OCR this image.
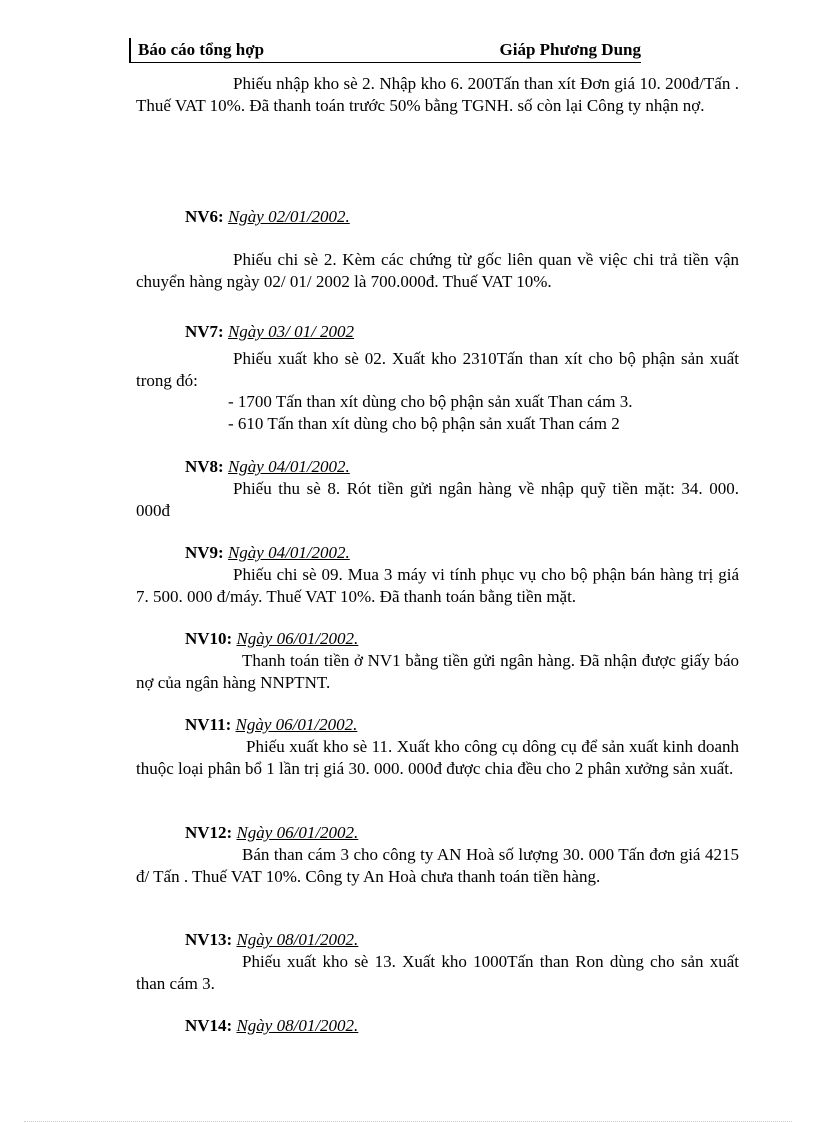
Báo cáo tổng hợp	Giáp Phương Dung
Phiếu nhập kho sè 2. Nhập kho 6. 200Tấn than xít Đơn giá 10. 200đ/Tấn . Thuế VAT 10%. Đã thanh toán trước 50% bằng TGNH. số còn lại Công ty nhận nợ.
NV6: Ngày 02/01/2002.
Phiếu chi sè 2. Kèm các chứng từ gốc liên quan về việc chi trả tiền vận chuyển hàng ngày 02/ 01/ 2002 là 700.000đ. Thuế VAT 10%.
NV7: Ngày 03/ 01/ 2002
Phiếu xuất kho sè 02. Xuất kho 2310Tấn than xít cho bộ phận sản xuất trong đó:
- 1700 Tấn than xít dùng cho bộ phận sản xuất Than cám 3.
- 610 Tấn than xít dùng cho bộ phận sản xuất Than cám 2
NV8: Ngày 04/01/2002.
Phiếu thu sè 8. Rót tiền gửi ngân hàng về nhập quỹ tiền mặt: 34. 000. 000đ
NV9: Ngày 04/01/2002.
Phiếu chi sè 09. Mua 3 máy vi tính phục vụ cho bộ phận bán hàng trị giá 7. 500. 000 đ/máy. Thuế VAT 10%. Đã thanh toán bằng tiền mặt.
NV10: Ngày 06/01/2002.
Thanh toán tiền ở NV1 bằng tiền gửi ngân hàng. Đã nhận được giấy báo nợ của ngân hàng NNPTNT.
NV11: Ngày 06/01/2002.
Phiếu xuất kho sè 11. Xuất kho công cụ dông cụ để sản xuất kinh doanh thuộc loại phân bổ 1 lần trị giá 30. 000. 000đ được chia đều cho 2 phân xưởng sản xuất.
NV12: Ngày 06/01/2002.
Bán than cám 3 cho công ty AN Hoà số lượng 30. 000 Tấn đơn giá 4215 đ/ Tấn . Thuế VAT 10%. Công ty An Hoà chưa thanh toán tiền hàng.
NV13: Ngày 08/01/2002.
Phiếu xuất kho sè 13. Xuất kho 1000Tấn than Ron dùng cho sản xuất than cám 3.
NV14: Ngày 08/01/2002.
